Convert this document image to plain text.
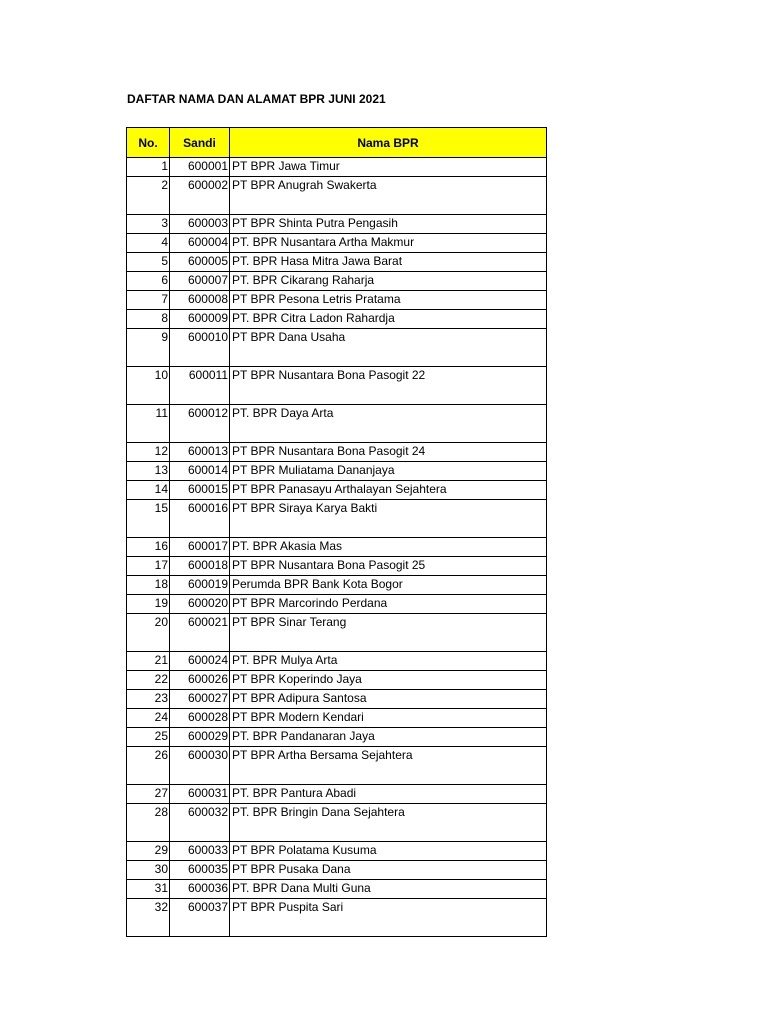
DAFTAR NAMA DAN ALAMAT BPR JUNI 2021
No.	Sandi	Nama BPR
1	600001	PT BPR Jawa Timur
2	600002	PT BPR Anugrah Swakerta
3	600003	PT BPR Shinta Putra Pengasih
4	600004	PT. BPR Nusantara Artha Makmur
5	600005	PT. BPR Hasa Mitra Jawa Barat
6	600007	PT. BPR Cikarang Raharja
7	600008	PT BPR Pesona Letris Pratama
8	600009	PT. BPR Citra Ladon Rahardja
9	600010	PT BPR Dana Usaha
10	600011	PT BPR Nusantara Bona Pasogit 22
11	600012	PT. BPR Daya Arta
12	600013	PT BPR Nusantara Bona Pasogit 24
13	600014	PT BPR Muliatama Dananjaya
14	600015	PT BPR Panasayu Arthalayan Sejahtera
15	600016	PT BPR Siraya Karya Bakti
16	600017	PT. BPR Akasia Mas
17	600018	PT BPR Nusantara Bona Pasogit 25
18	600019	Perumda BPR Bank Kota Bogor
19	600020	PT BPR Marcorindo Perdana
20	600021	PT BPR Sinar Terang
21	600024	PT. BPR Mulya Arta
22	600026	PT BPR Koperindo Jaya
23	600027	PT BPR Adipura Santosa
24	600028	PT BPR Modern Kendari
25	600029	PT. BPR Pandanaran Jaya
26	600030	PT BPR Artha Bersama Sejahtera
27	600031	PT. BPR Pantura Abadi
28	600032	PT. BPR Bringin Dana Sejahtera
29	600033	PT BPR Polatama Kusuma
30	600035	PT BPR Pusaka Dana
31	600036	PT. BPR Dana Multi Guna
32	600037	PT BPR Puspita Sari
